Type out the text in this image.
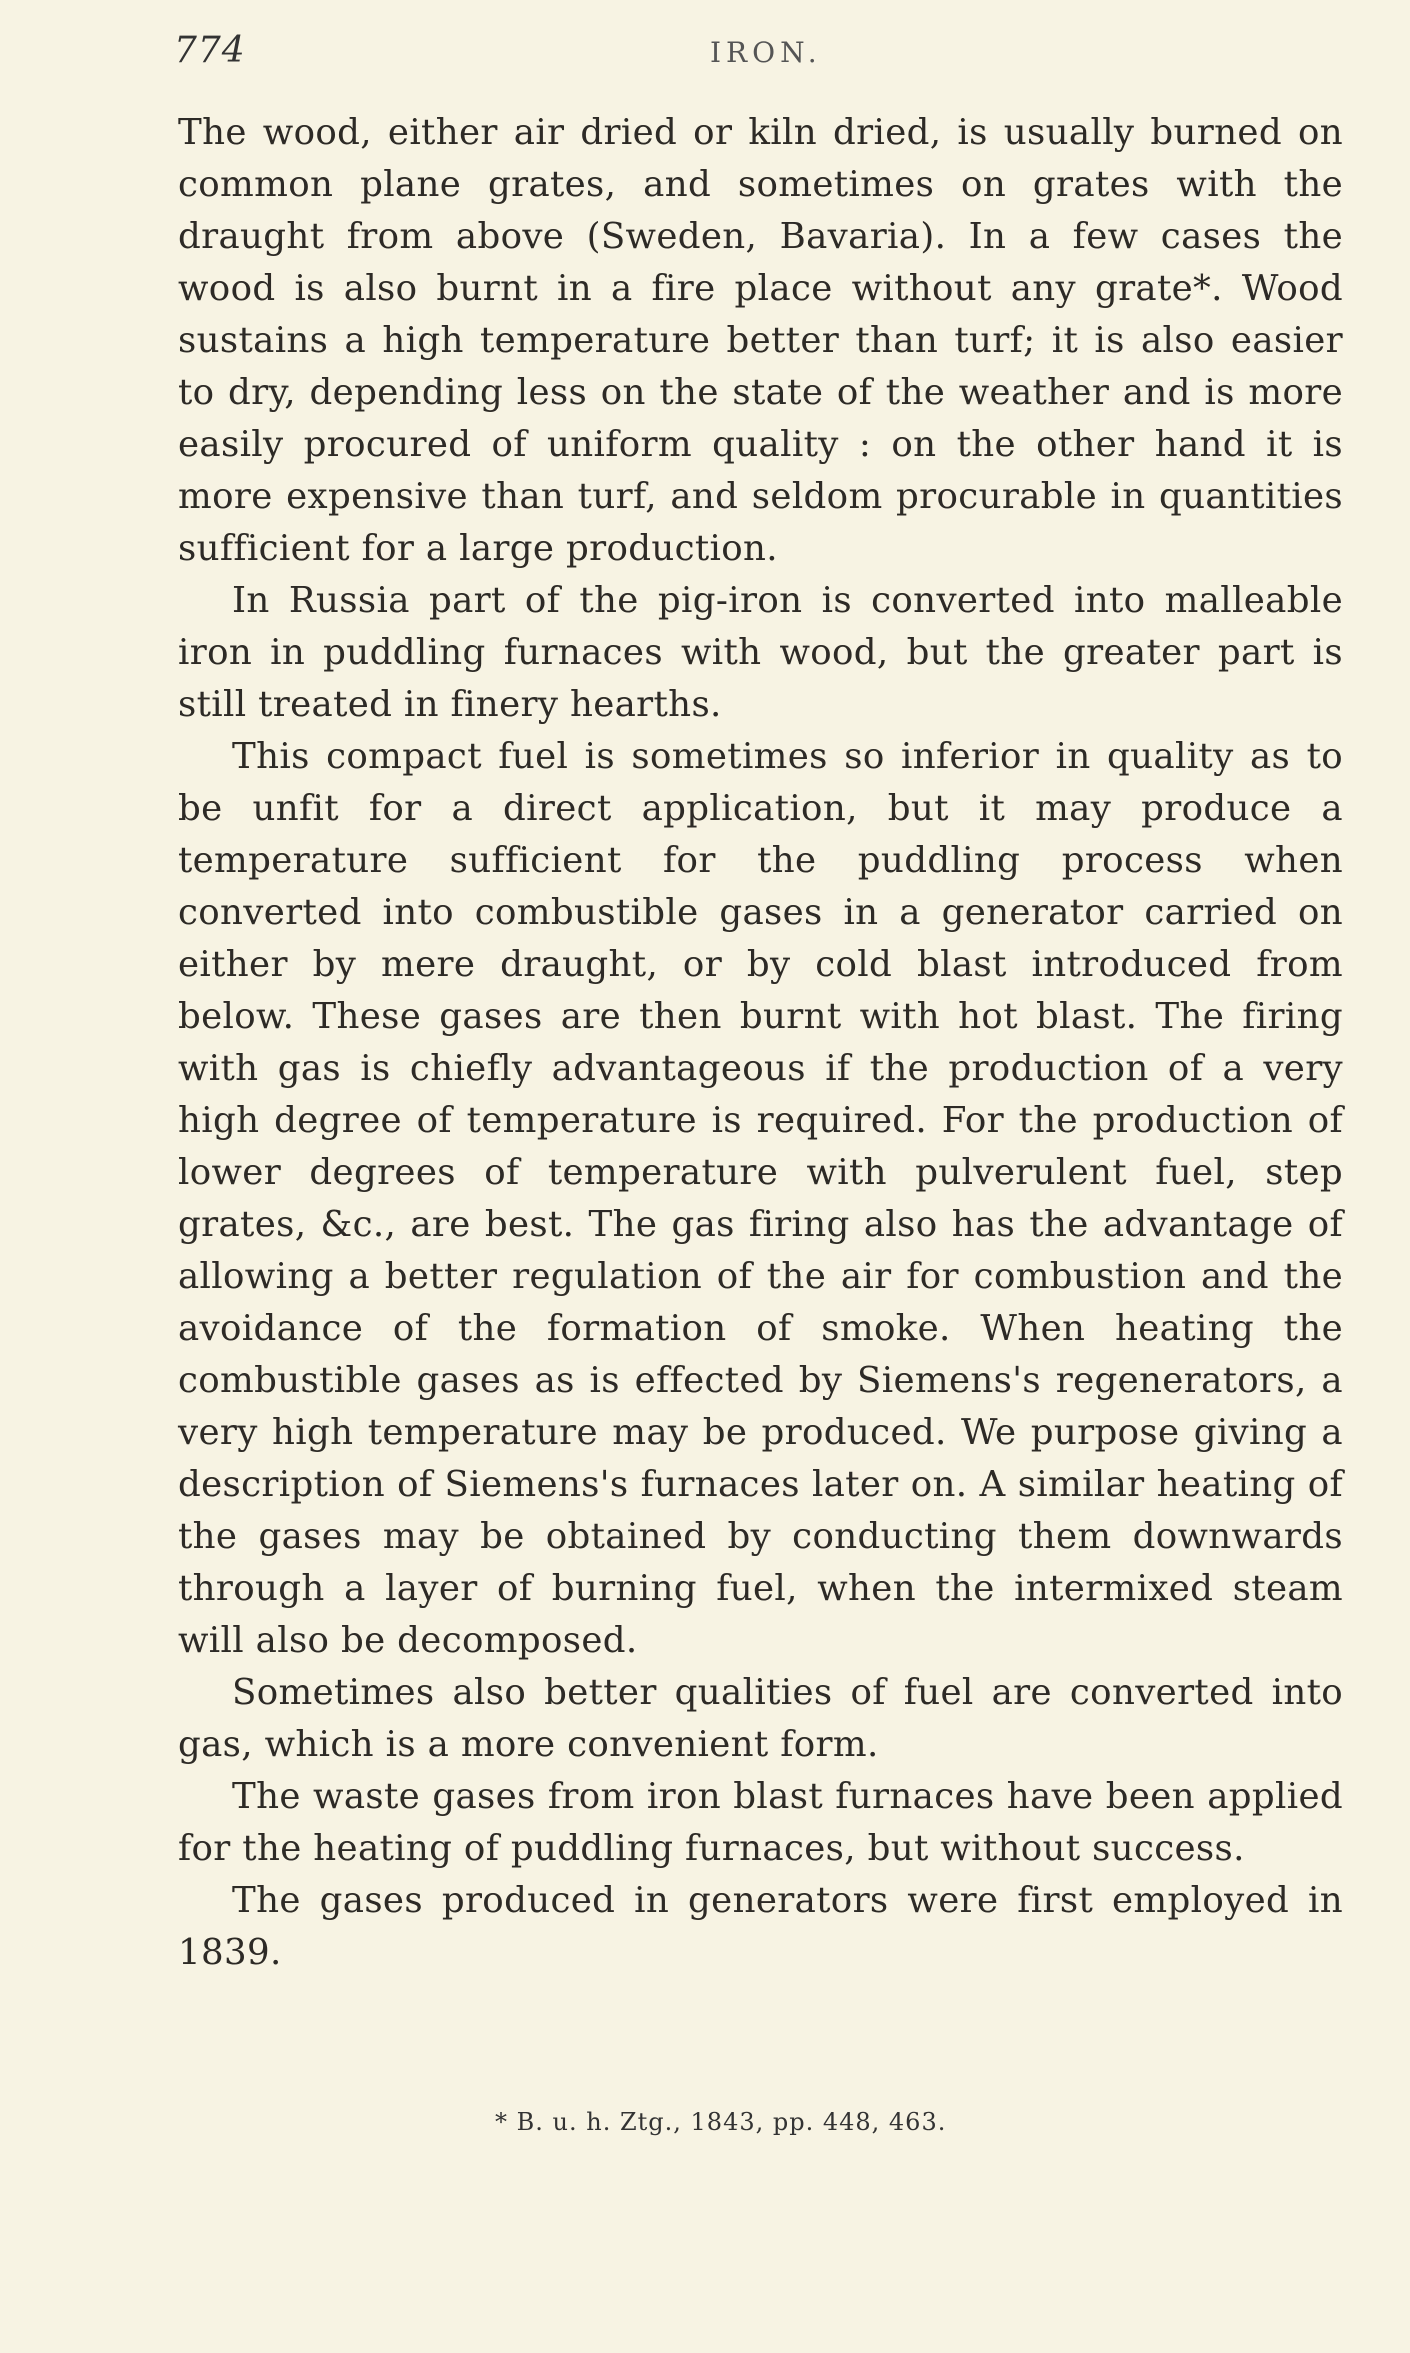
774	IRON.

The wood, either air dried or kiln dried, is usually burned on common plane grates, and sometimes on grates with the draught from above (Sweden, Bavaria). In a few cases the wood is also burnt in a fire place without any grate*. Wood sustains a high temperature better than turf; it is also easier to dry, depending less on the state of the weather and is more easily procured of uniform quality : on the other hand it is more expensive than turf, and seldom procurable in quantities sufficient for a large production.

In Russia part of the pig-iron is converted into malleable iron in puddling furnaces with wood, but the greater part is still treated in finery hearths.

This compact fuel is sometimes so inferior in quality as to be unfit for a direct application, but it may produce a temperature sufficient for the puddling process when converted into combustible gases in a generator carried on either by mere draught, or by cold blast introduced from below. These gases are then burnt with hot blast. The firing with gas is chiefly advantageous if the production of a very high degree of temperature is required. For the production of lower degrees of temperature with pulverulent fuel, step grates, &c., are best. The gas firing also has the advantage of allowing a better regulation of the air for combustion and the avoidance of the formation of smoke. When heating the combustible gases as is effected by Siemens's regenerators, a very high temperature may be produced. We purpose giving a description of Siemens's furnaces later on. A similar heating of the gases may be obtained by conducting them downwards through a layer of burning fuel, when the intermixed steam will also be decomposed.

Sometimes also better qualities of fuel are converted into gas, which is a more convenient form.

The waste gases from iron blast furnaces have been applied for the heating of puddling furnaces, but without success.

The gases produced in generators were first employed in 1839.

* B. u. h. Ztg., 1843, pp. 448, 463.
